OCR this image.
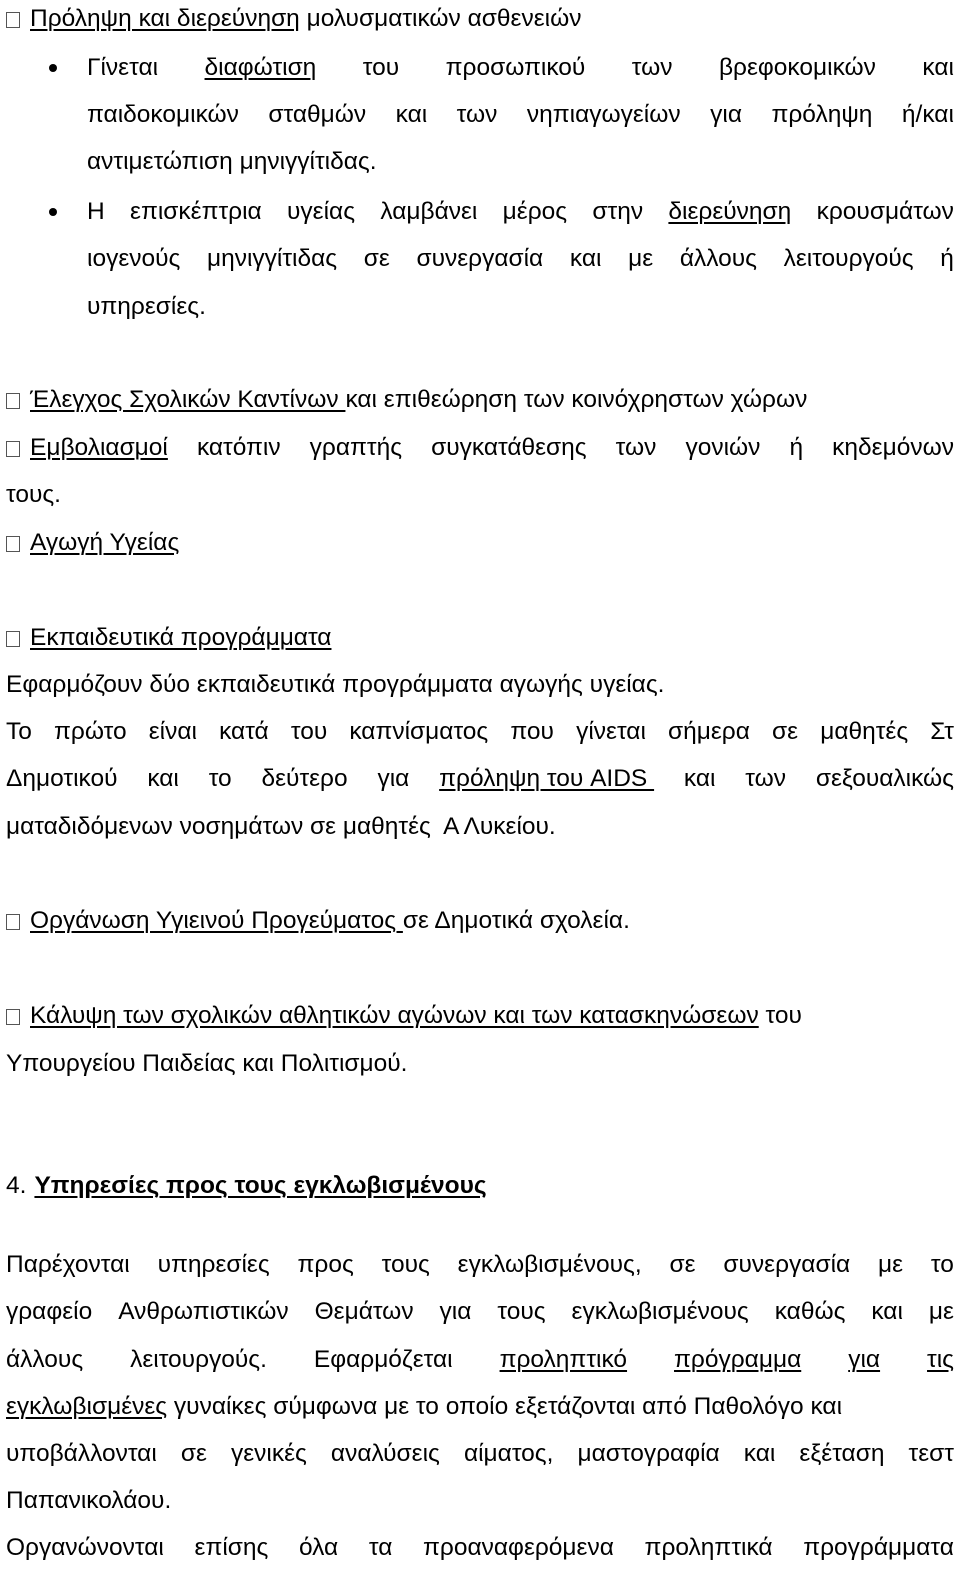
Πρόληψη και διερεύνηση μολυσματικών ασθενειών
Γίνεται διαφώτιση του προσωπικού των βρεφοκομικών και
παιδοκομικών σταθμών και των νηπιαγωγείων για πρόληψη ή/και
αντιμετώπιση μηνιγγίτιδας.
Η επισκέπτρια υγείας λαμβάνει μέρος στην διερεύνηση κρουσμάτων
ιογενούς μηνιγγίτιδας σε συνεργασία και με άλλους λειτουργούς ή
υπηρεσίες.
Έλεγχος Σχολικών Καντίνων και επιθεώρηση των κοινόχρηστων χώρων
Εμβολιασμοί κατόπιν γραπτής συγκατάθεσης των γονιών ή κηδεμόνων
τους.
Αγωγή Υγείας
Εκπαιδευτικά προγράμματα
Εφαρμόζουν δύο εκπαιδευτικά προγράμματα αγωγής υγείας.
Το πρώτο είναι κατά του καπνίσματος που γίνεται σήμερα σε μαθητές Στ
Δημοτικού και το δεύτερο για πρόληψη του AIDS και των σεξουαλικώς
ματαδιδόμενων νοσημάτων σε μαθητές  Α Λυκείου.
Οργάνωση Υγιεινού Προγεύματος σε Δημοτικά σχολεία.
Κάλυψη των σχολικών αθλητικών αγώνων και των κατασκηνώσεων του
Υπουργείου Παιδείας και Πολιτισμού.
4. Υπηρεσίες προς τους εγκλωβισμένους
Παρέχονται υπηρεσίες προς τους εγκλωβισμένους, σε συνεργασία με το
γραφείο Ανθρωπιστικών Θεμάτων για τους εγκλωβισμένους καθώς και με
άλλους λειτουργούς. Εφαρμόζεται προληπτικό πρόγραμμα για τις
εγκλωβισμένες γυναίκες σύμφωνα με το οποίο εξετάζονται από Παθολόγο και
υποβάλλονται σε γενικές αναλύσεις αίματος, μαστογραφία και εξέταση τεστ
Παπανικολάου.
Οργανώνονται επίσης όλα τα προαναφερόμενα προληπτικά προγράμματα
